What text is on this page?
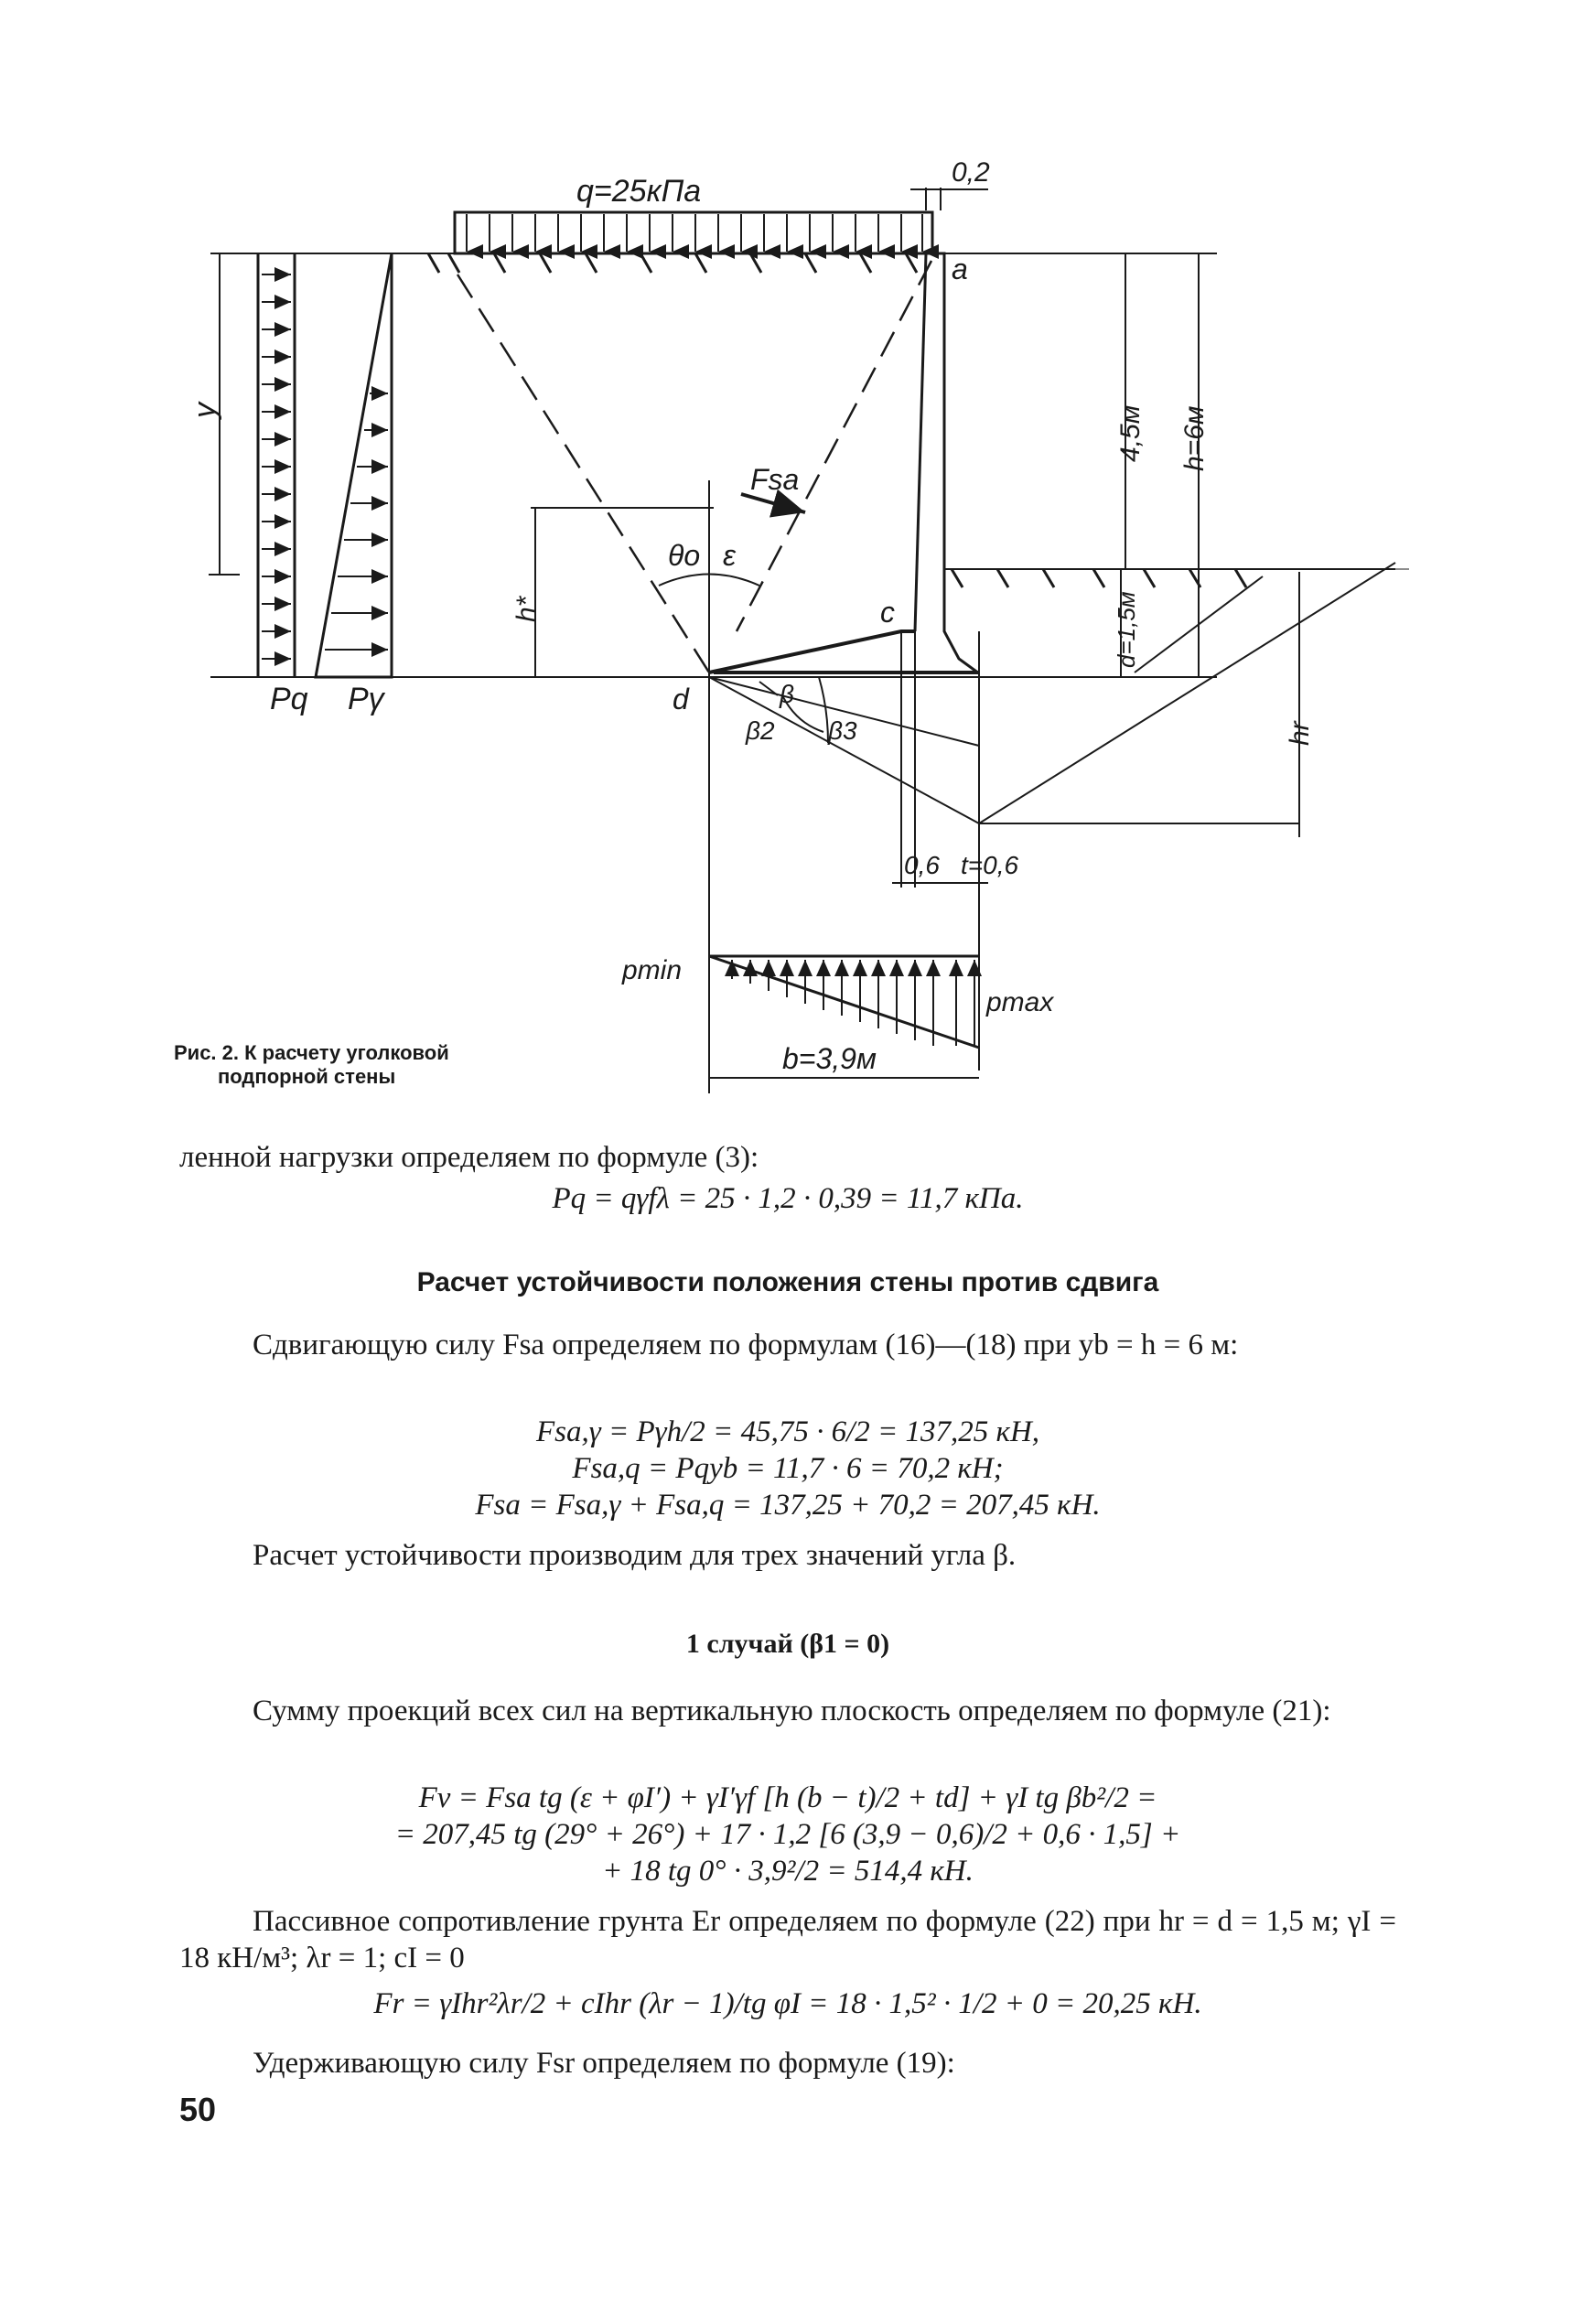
q=25кПа
0,2
a
y	4,5м h=6м
Fsa
θo ε
h*	c	d=1,5м
d	β
β2 β3
Pq Pγ
hr
0,6 t=0,6
pmin
pmax
b=3,9м
Рис. 2. К расчету уголковой
подпорной стены
ленной нагрузки определяем по формуле (3):
Pq = qγfλ = 25 · 1,2 · 0,39 = 11,7 кПа.
Расчет устойчивости положения стены против сдвига
Сдвигающую силу Fsa определяем по формулам (16)—(18) при yb = h = 6 м:
Fsa,γ = Pγh/2 = 45,75 · 6/2 = 137,25 кН,
Fsa,q = Pqyb = 11,7 · 6 = 70,2 кН;
Fsa = Fsa,γ + Fsa,q = 137,25 + 70,2 = 207,45 кН.
Расчет устойчивости производим для трех значений угла β.
1 случай (β1 = 0)
Сумму проекций всех сил на вертикальную плоскость определяем по формуле (21):
Fv = Fsa tg (ε + φI′) + γI′γf [h (b − t)/2 + td] + γI tg βb²/2 =
= 207,45 tg (29° + 26°) + 17 · 1,2 [6 (3,9 − 0,6)/2 + 0,6 · 1,5] +
+ 18 tg 0° · 3,9²/2 = 514,4 кН.
Пассивное сопротивление грунта Er определяем по формуле (22) при hr = d = 1,5 м; γI = 18 кН/м³; λr = 1; cI = 0
Fr = γIhr²λr/2 + cIhr (λr − 1)/tg φI = 18 · 1,5² · 1/2 + 0 = 20,25 кН.
Удерживающую силу Fsr определяем по формуле (19):
50
